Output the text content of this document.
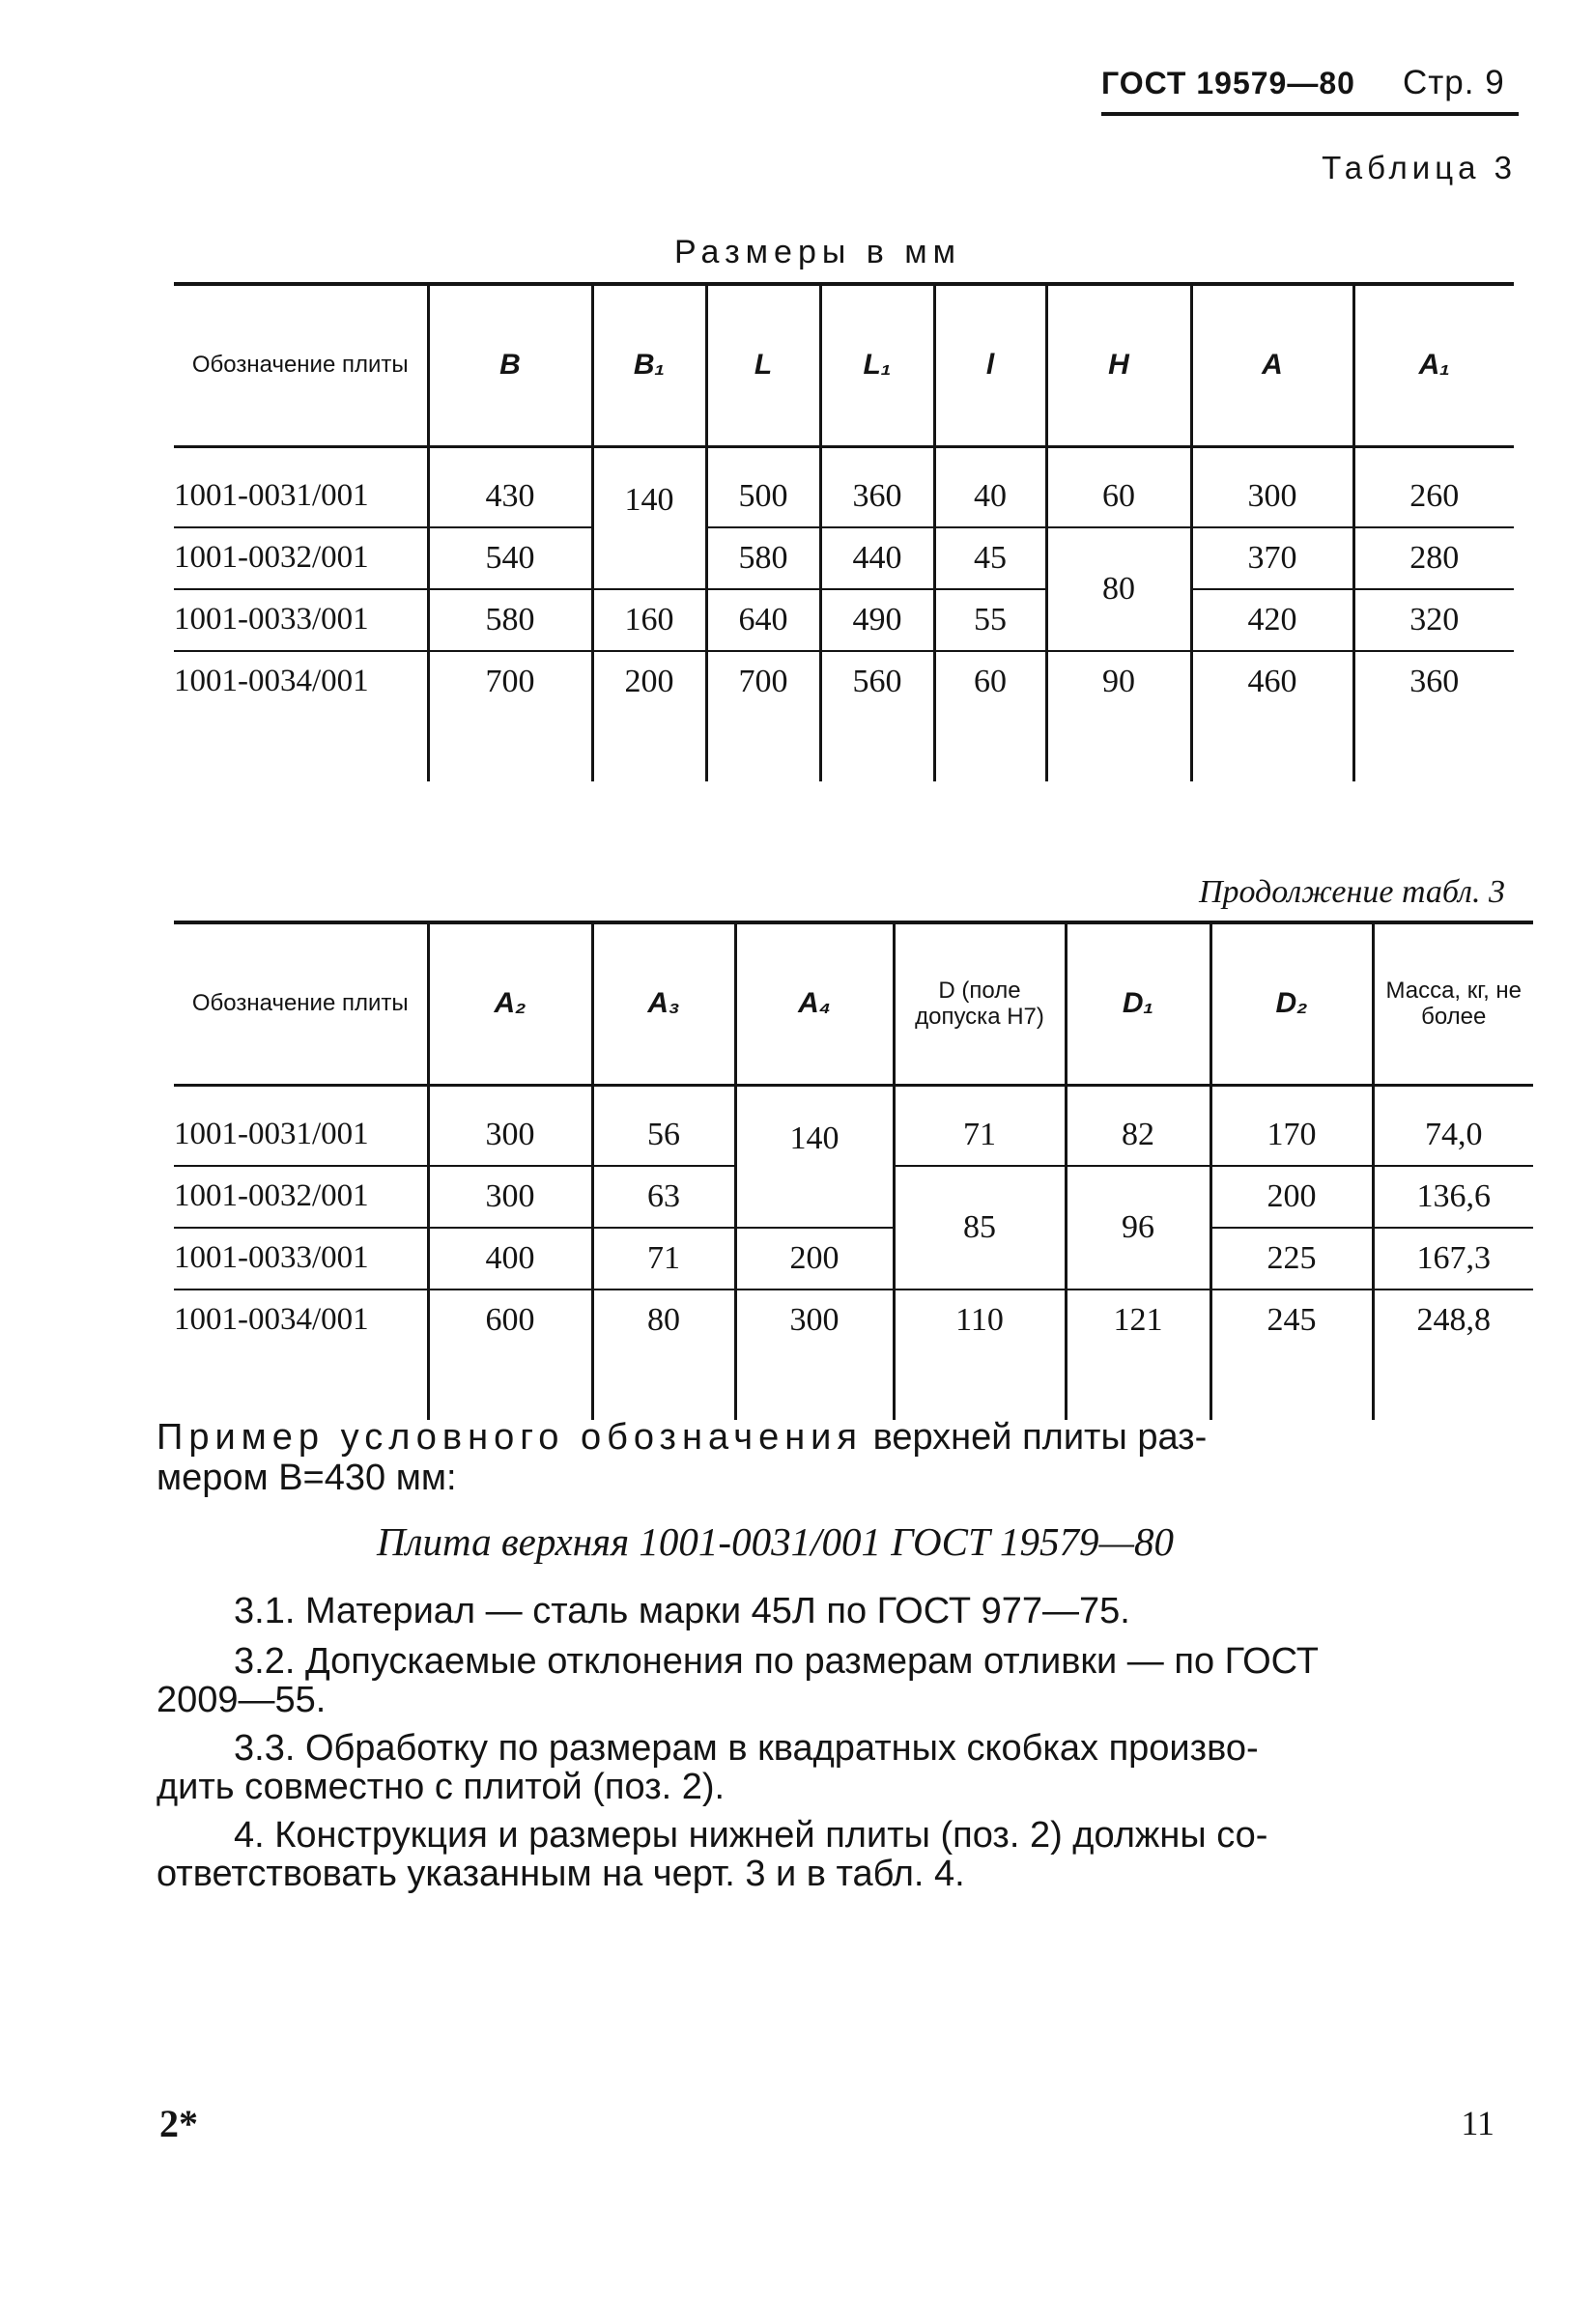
ГОСТ 19579—80 Стр. 9
Таблица 3
Размеры в мм
Обозначение плиты	B	B₁	L	L₁	l	H	A	A₁

1001-0031/001	430	140	500	360	40	60	300	260
1001-0032/001	540		580	440	45	80	370	280
1001-0033/001	580	160	640	490	55		420	320
1001-0034/001	700	200	700	560	60	90	460	360

Продолжение табл. 3
Обозначение плиты	A₂	A₃	A₄	D (поле допуска H7)	D₁	D₂	Масса, кг, не более

1001-0031/001	300	56	140	71	82	170	74,0
1001-0032/001	300	63		85	96	200	136,6
1001-0033/001	400	71	200			225	167,3
1001-0034/001	600	80	300	110	121	245	248,8

Пример условного обозначения верхней плиты раз-
мером B=430 мм:
Плита верхняя 1001-0031/001 ГОСТ 19579—80
3.1. Материал — сталь марки 45Л по ГОСТ 977—75.
3.2. Допускаемые отклонения по размерам отливки — по ГОСТ
2009—55.
3.3. Обработку по размерам в квадратных скобках произво-
дить совместно с плитой (поз. 2).
4. Конструкция и размеры нижней плиты (поз. 2) должны со-
ответствовать указанным на черт. 3 и в табл. 4.
2*	11
